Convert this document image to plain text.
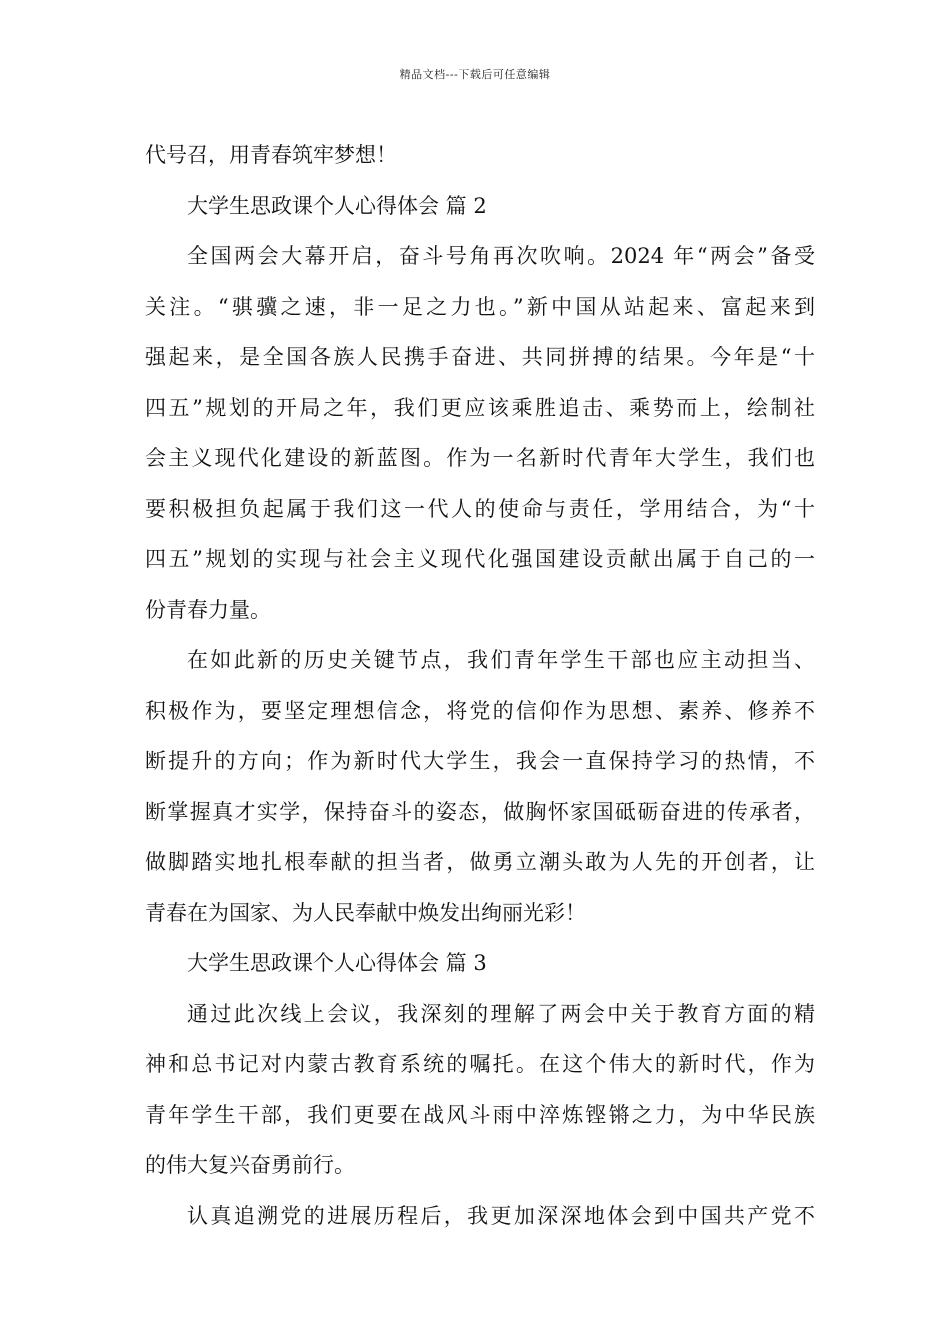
精品文档---下载后可任意编辑
代号召，用青春筑牢梦想！
大学生思政课个人心得体会 篇 2
全国两会大幕开启，奋斗号角再次吹响。2024 年“两会”备受
关注。“骐骥之速，非一足之力也。”新中国从站起来、富起来到
强起来，是全国各族人民携手奋进、共同拼搏的结果。今年是“十
四五”规划的开局之年，我们更应该乘胜追击、乘势而上，绘制社
会主义现代化建设的新蓝图。作为一名新时代青年大学生，我们也
要积极担负起属于我们这一代人的使命与责任，学用结合，为“十
四五”规划的实现与社会主义现代化强国建设贡献出属于自己的一
份青春力量。
在如此新的历史关键节点，我们青年学生干部也应主动担当、
积极作为，要坚定理想信念，将党的信仰作为思想、素养、修养不
断提升的方向；作为新时代大学生，我会一直保持学习的热情，不
断掌握真才实学，保持奋斗的姿态，做胸怀家国砥砺奋进的传承者，
做脚踏实地扎根奉献的担当者，做勇立潮头敢为人先的开创者，让
青春在为国家、为人民奉献中焕发出绚丽光彩！
大学生思政课个人心得体会 篇 3
通过此次线上会议，我深刻的理解了两会中关于教育方面的精
神和总书记对内蒙古教育系统的嘱托。在这个伟大的新时代，作为
青年学生干部，我们更要在战风斗雨中淬炼铿锵之力，为中华民族
的伟大复兴奋勇前行。
认真追溯党的进展历程后，我更加深深地体会到中国共产党不
